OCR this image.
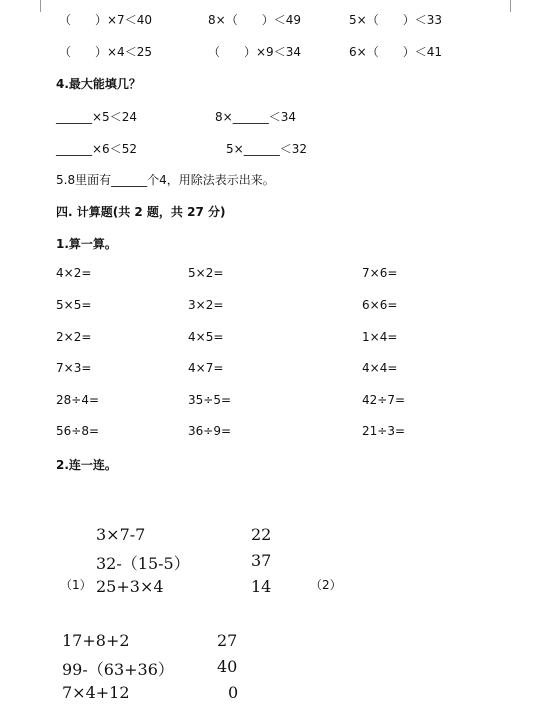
（　　）×7＜40	8×（　　）＜49	5×（　　）＜33
（　　）×4＜25	（　　）×9＜34	6×（　　）＜41
4.最大能填几？
______×5＜24	8×______＜34
______×6＜52	5×______＜32
5.8里面有______个4，用除法表示出来。
四. 计算题(共 2 题，共 27 分)
1.算一算。
4×2=	5×2=	7×6=
5×5=	3×2=	6×6=
2×2=	4×5=	1×4=
7×3=	4×7=	4×4=
28÷4=	35÷5=	42÷7=
56÷8=	36÷9=	21÷3=
2.连一连。
（1）
3×7-7
32-（15-5）
25+3×4
22
37
14	（2）
17+8+2
99-（63+36）
7×4+12
27
40
0
